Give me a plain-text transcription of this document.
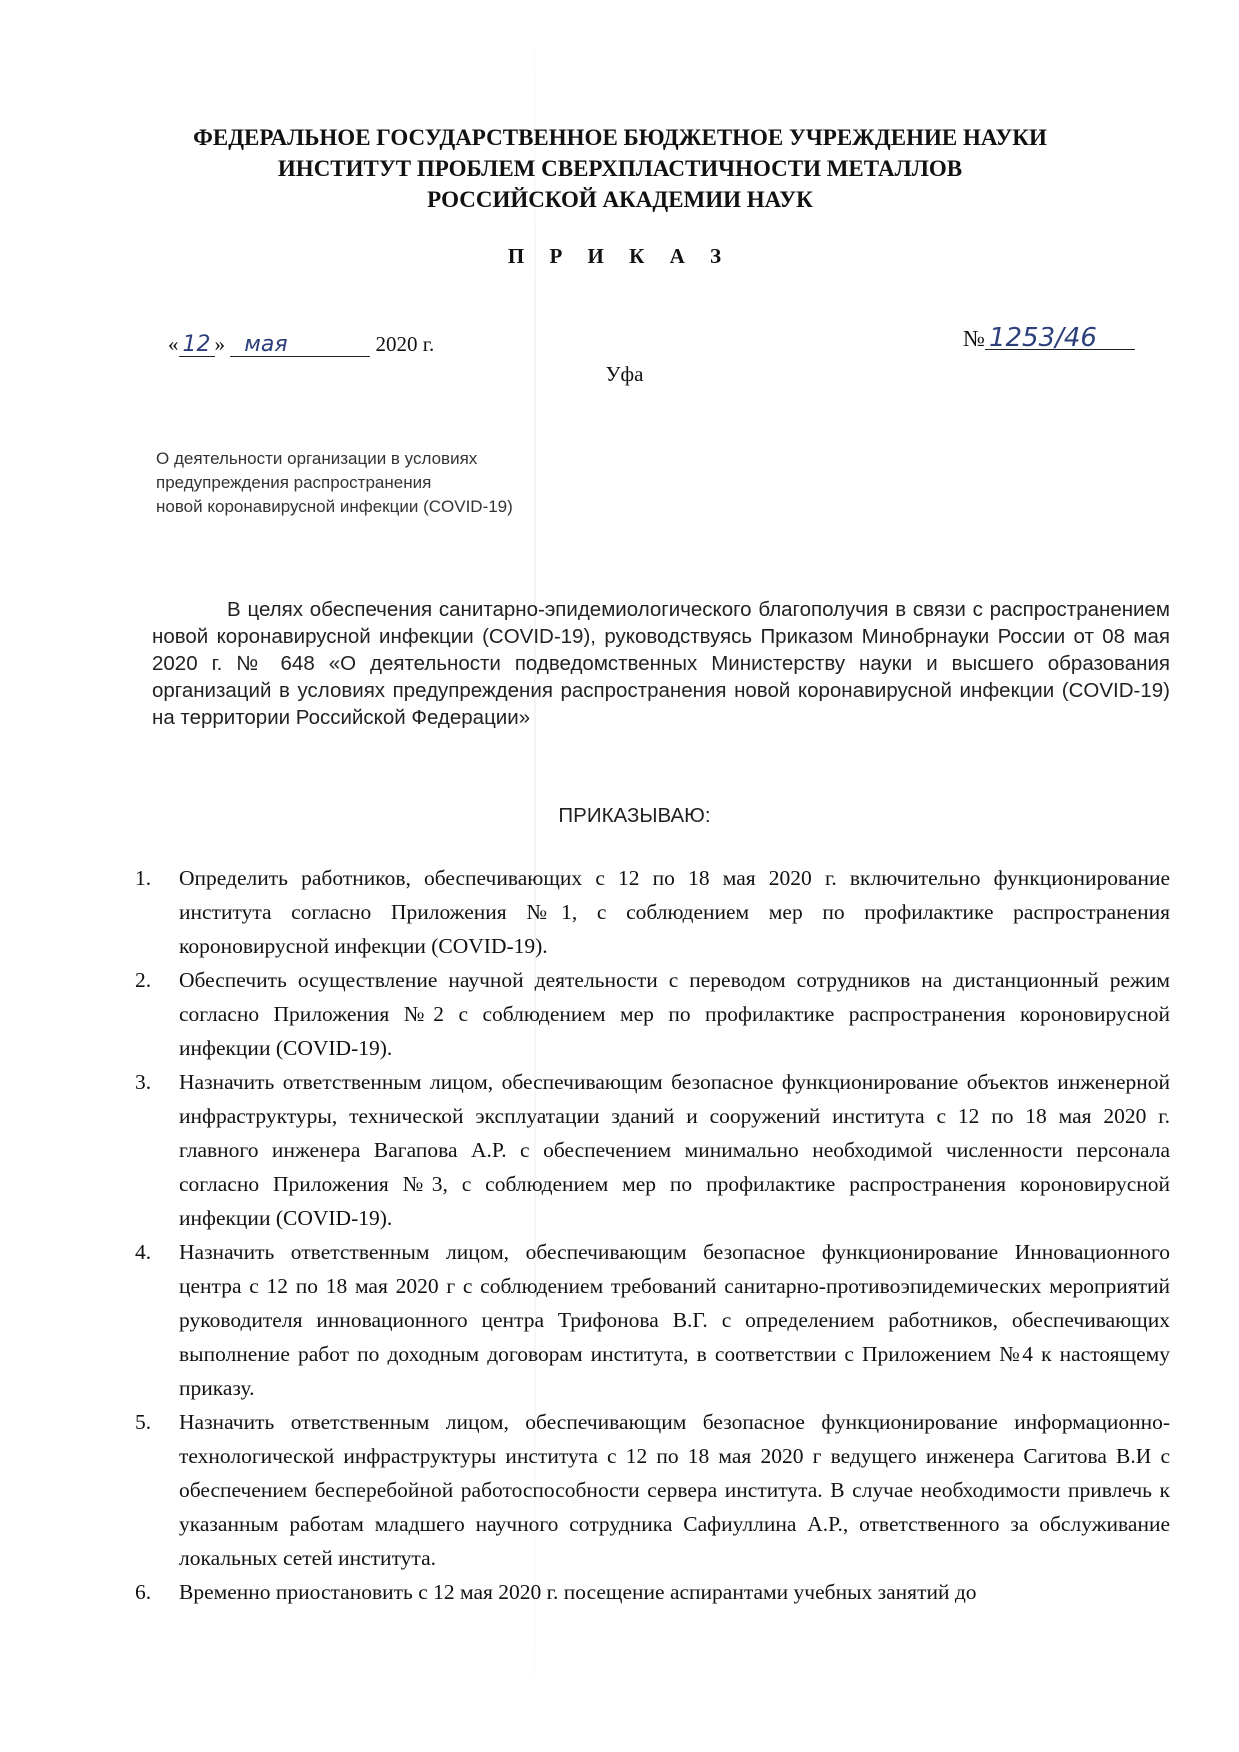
ФЕДЕРАЛЬНОЕ ГОСУДАРСТВЕННОЕ БЮДЖЕТНОЕ УЧРЕЖДЕНИЕ НАУКИ
ИНСТИТУТ ПРОБЛЕМ СВЕРХПЛАСТИЧНОСТИ МЕТАЛЛОВ
РОССИЙСКОЙ АКАДЕМИИ НАУК
П Р И К А З
« 12 » мая	2020 г.	№ 1253/46
Уфа
О деятельности организации в условиях
предупреждения распространения
новой коронавирусной инфекции (COVID-19)
В целях обеспечения санитарно-эпидемиологического благополучия в связи с распространением новой коронавирусной инфекции (COVID-19), руководствуясь Приказом Минобрнауки России от 08 мая 2020 г. № 648 «О деятельности подведомственных Министерству науки и высшего образования организаций в условиях предупреждения распространения новой коронавирусной инфекции (COVID-19) на территории Российской Федерации»
ПРИКАЗЫВАЮ:
1.	Определить работников, обеспечивающих с 12 по 18 мая 2020 г. включительно функционирование института согласно Приложения №1, с соблюдением мер по профилактике распространения короновирусной инфекции (COVID-19).
2.	Обеспечить осуществление научной деятельности с переводом сотрудников на дистанционный режим согласно Приложения №2 с соблюдением мер по профилактике распространения короновирусной инфекции (COVID-19).
3.	Назначить ответственным лицом, обеспечивающим безопасное функционирование объектов инженерной инфраструктуры, технической эксплуатации зданий и сооружений института с 12 по 18 мая 2020 г. главного инженера Вагапова А.Р. с обеспечением минимально необходимой численности персонала согласно Приложения №3, с соблюдением мер по профилактике распространения короновирусной инфекции (COVID-19).
4.	Назначить ответственным лицом, обеспечивающим безопасное функционирование Инновационного центра с 12 по 18 мая 2020 г с соблюдением требований санитарно-противоэпидемических мероприятий руководителя инновационного центра Трифонова В.Г. с определением работников, обеспечивающих выполнение работ по доходным договорам института, в соответствии с Приложением №4 к настоящему приказу.
5.	Назначить ответственным лицом, обеспечивающим безопасное функционирование информационно-технологической инфраструктуры института с 12 по 18 мая 2020 г ведущего инженера Сагитова В.И с обеспечением бесперебойной работоспособности сервера института. В случае необходимости привлечь к указанным работам младшего научного сотрудника Сафиуллина А.Р., ответственного за обслуживание локальных сетей института.
6.	Временно приостановить с 12 мая 2020 г. посещение аспирантами учебных занятий до
